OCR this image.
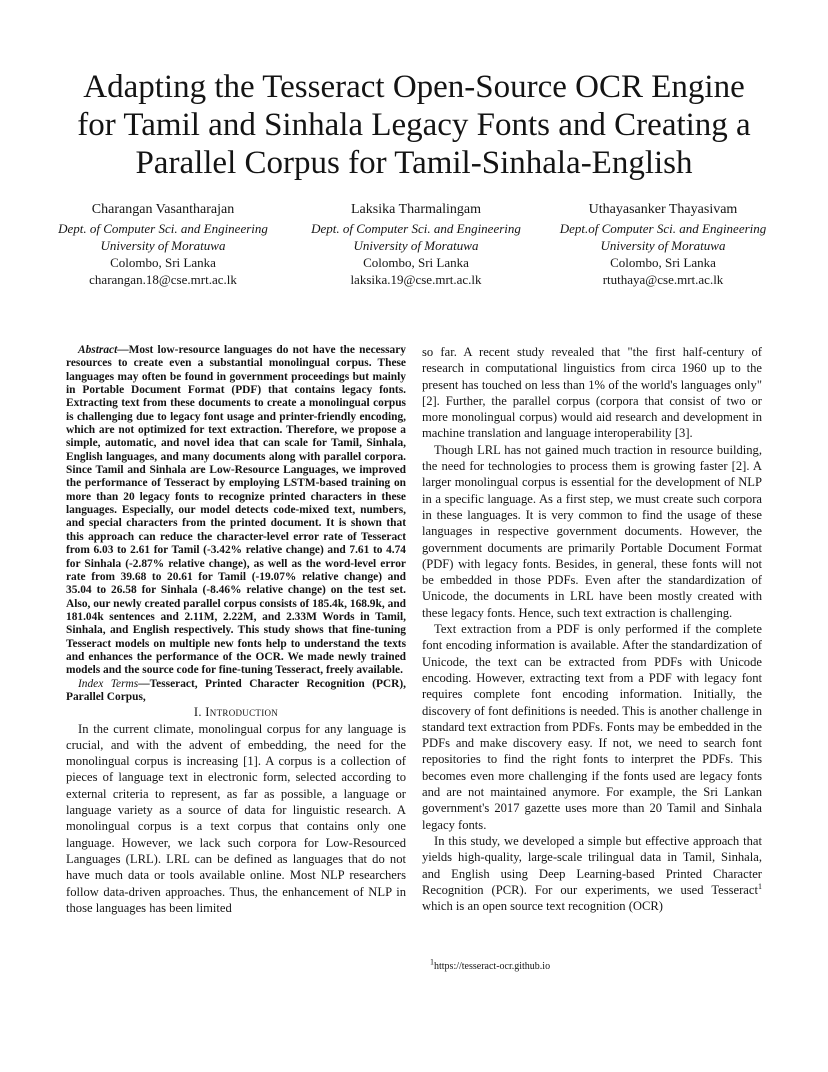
Adapting the Tesseract Open-Source OCR Engine
for Tamil and Sinhala Legacy Fonts and Creating a
Parallel Corpus for Tamil-Sinhala-English
Charangan Vasantharajan
Dept. of Computer Sci. and Engineering
University of Moratuwa
Colombo, Sri Lanka
charangan.18@cse.mrt.ac.lk
Laksika Tharmalingam
Dept. of Computer Sci. and Engineering
University of Moratuwa
Colombo, Sri Lanka
laksika.19@cse.mrt.ac.lk
Uthayasanker Thayasivam
Dept.of Computer Sci. and Engineering
University of Moratuwa
Colombo, Sri Lanka
rtuthaya@cse.mrt.ac.lk

Abstract—Most low-resource languages do not have the necessary resources to create even a substantial monolingual corpus. These languages may often be found in government proceedings but mainly in Portable Document Format (PDF) that contains legacy fonts. Extracting text from these documents to create a monolingual corpus is challenging due to legacy font usage and printer-friendly encoding, which are not optimized for text extraction. Therefore, we propose a simple, automatic, and novel idea that can scale for Tamil, Sinhala, English languages, and many documents along with parallel corpora. Since Tamil and Sinhala are Low-Resource Languages, we improved the performance of Tesseract by employing LSTM-based training on more than 20 legacy fonts to recognize printed characters in these languages. Especially, our model detects code-mixed text, numbers, and special characters from the printed document. It is shown that this approach can reduce the character-level error rate of Tesseract from 6.03 to 2.61 for Tamil (-3.42% relative change) and 7.61 to 4.74 for Sinhala (-2.87% relative change), as well as the word-level error rate from 39.68 to 20.61 for Tamil (-19.07% relative change) and 35.04 to 26.58 for Sinhala (-8.46% relative change) on the test set. Also, our newly created parallel corpus consists of 185.4k, 168.9k, and 181.04k sentences and 2.11M, 2.22M, and 2.33M Words in Tamil, Sinhala, and English respectively. This study shows that fine-tuning Tesseract models on multiple new fonts help to understand the texts and enhances the performance of the OCR. We made newly trained models and the source code for fine-tuning Tesseract, freely available.

Index Terms—Tesseract, Printed Character Recognition (PCR), Parallel Corpus,

I. Introduction

In the current climate, monolingual corpus for any language is crucial, and with the advent of embedding, the need for the monolingual corpus is increasing [1]. A corpus is a collection of pieces of language text in electronic form, selected according to external criteria to represent, as far as possible, a language or language variety as a source of data for linguistic research. A monolingual corpus is a text corpus that contains only one language. However, we lack such corpora for Low-Resourced Languages (LRL). LRL can be defined as languages that do not have much data or tools available online. Most NLP researchers follow data-driven approaches. Thus, the enhancement of NLP in those languages has been limited

so far. A recent study revealed that "the first half-century of research in computational linguistics from circa 1960 up to the present has touched on less than 1% of the world's languages only" [2]. Further, the parallel corpus (corpora that consist of two or more monolingual corpus) would aid research and development in machine translation and language interoperability [3].

Though LRL has not gained much traction in resource building, the need for technologies to process them is growing faster [2]. A larger monolingual corpus is essential for the development of NLP in a specific language. As a first step, we must create such corpora in these languages. It is very common to find the usage of these languages in respective government documents. However, the government documents are primarily Portable Document Format (PDF) with legacy fonts. Besides, in general, these fonts will not be embedded in those PDFs. Even after the standardization of Unicode, the documents in LRL have been mostly created with these legacy fonts. Hence, such text extraction is challenging.

Text extraction from a PDF is only performed if the complete font encoding information is available. After the standardization of Unicode, the text can be extracted from PDFs with Unicode encoding. However, extracting text from a PDF with legacy font requires complete font encoding information. Initially, the discovery of font definitions is needed. This is another challenge in standard text extraction from PDFs. Fonts may be embedded in the PDFs and make discovery easy. If not, we need to search font repositories to find the right fonts to interpret the PDFs. This becomes even more challenging if the fonts used are legacy fonts and are not maintained anymore. For example, the Sri Lankan government's 2017 gazette uses more than 20 Tamil and Sinhala legacy fonts.

In this study, we developed a simple but effective approach that yields high-quality, large-scale trilingual data in Tamil, Sinhala, and English using Deep Learning-based Printed Character Recognition (PCR). For our experiments, we used Tesseract$^1$ which is an open source text recognition (OCR)

$^1$https://tesseract-ocr.github.io
